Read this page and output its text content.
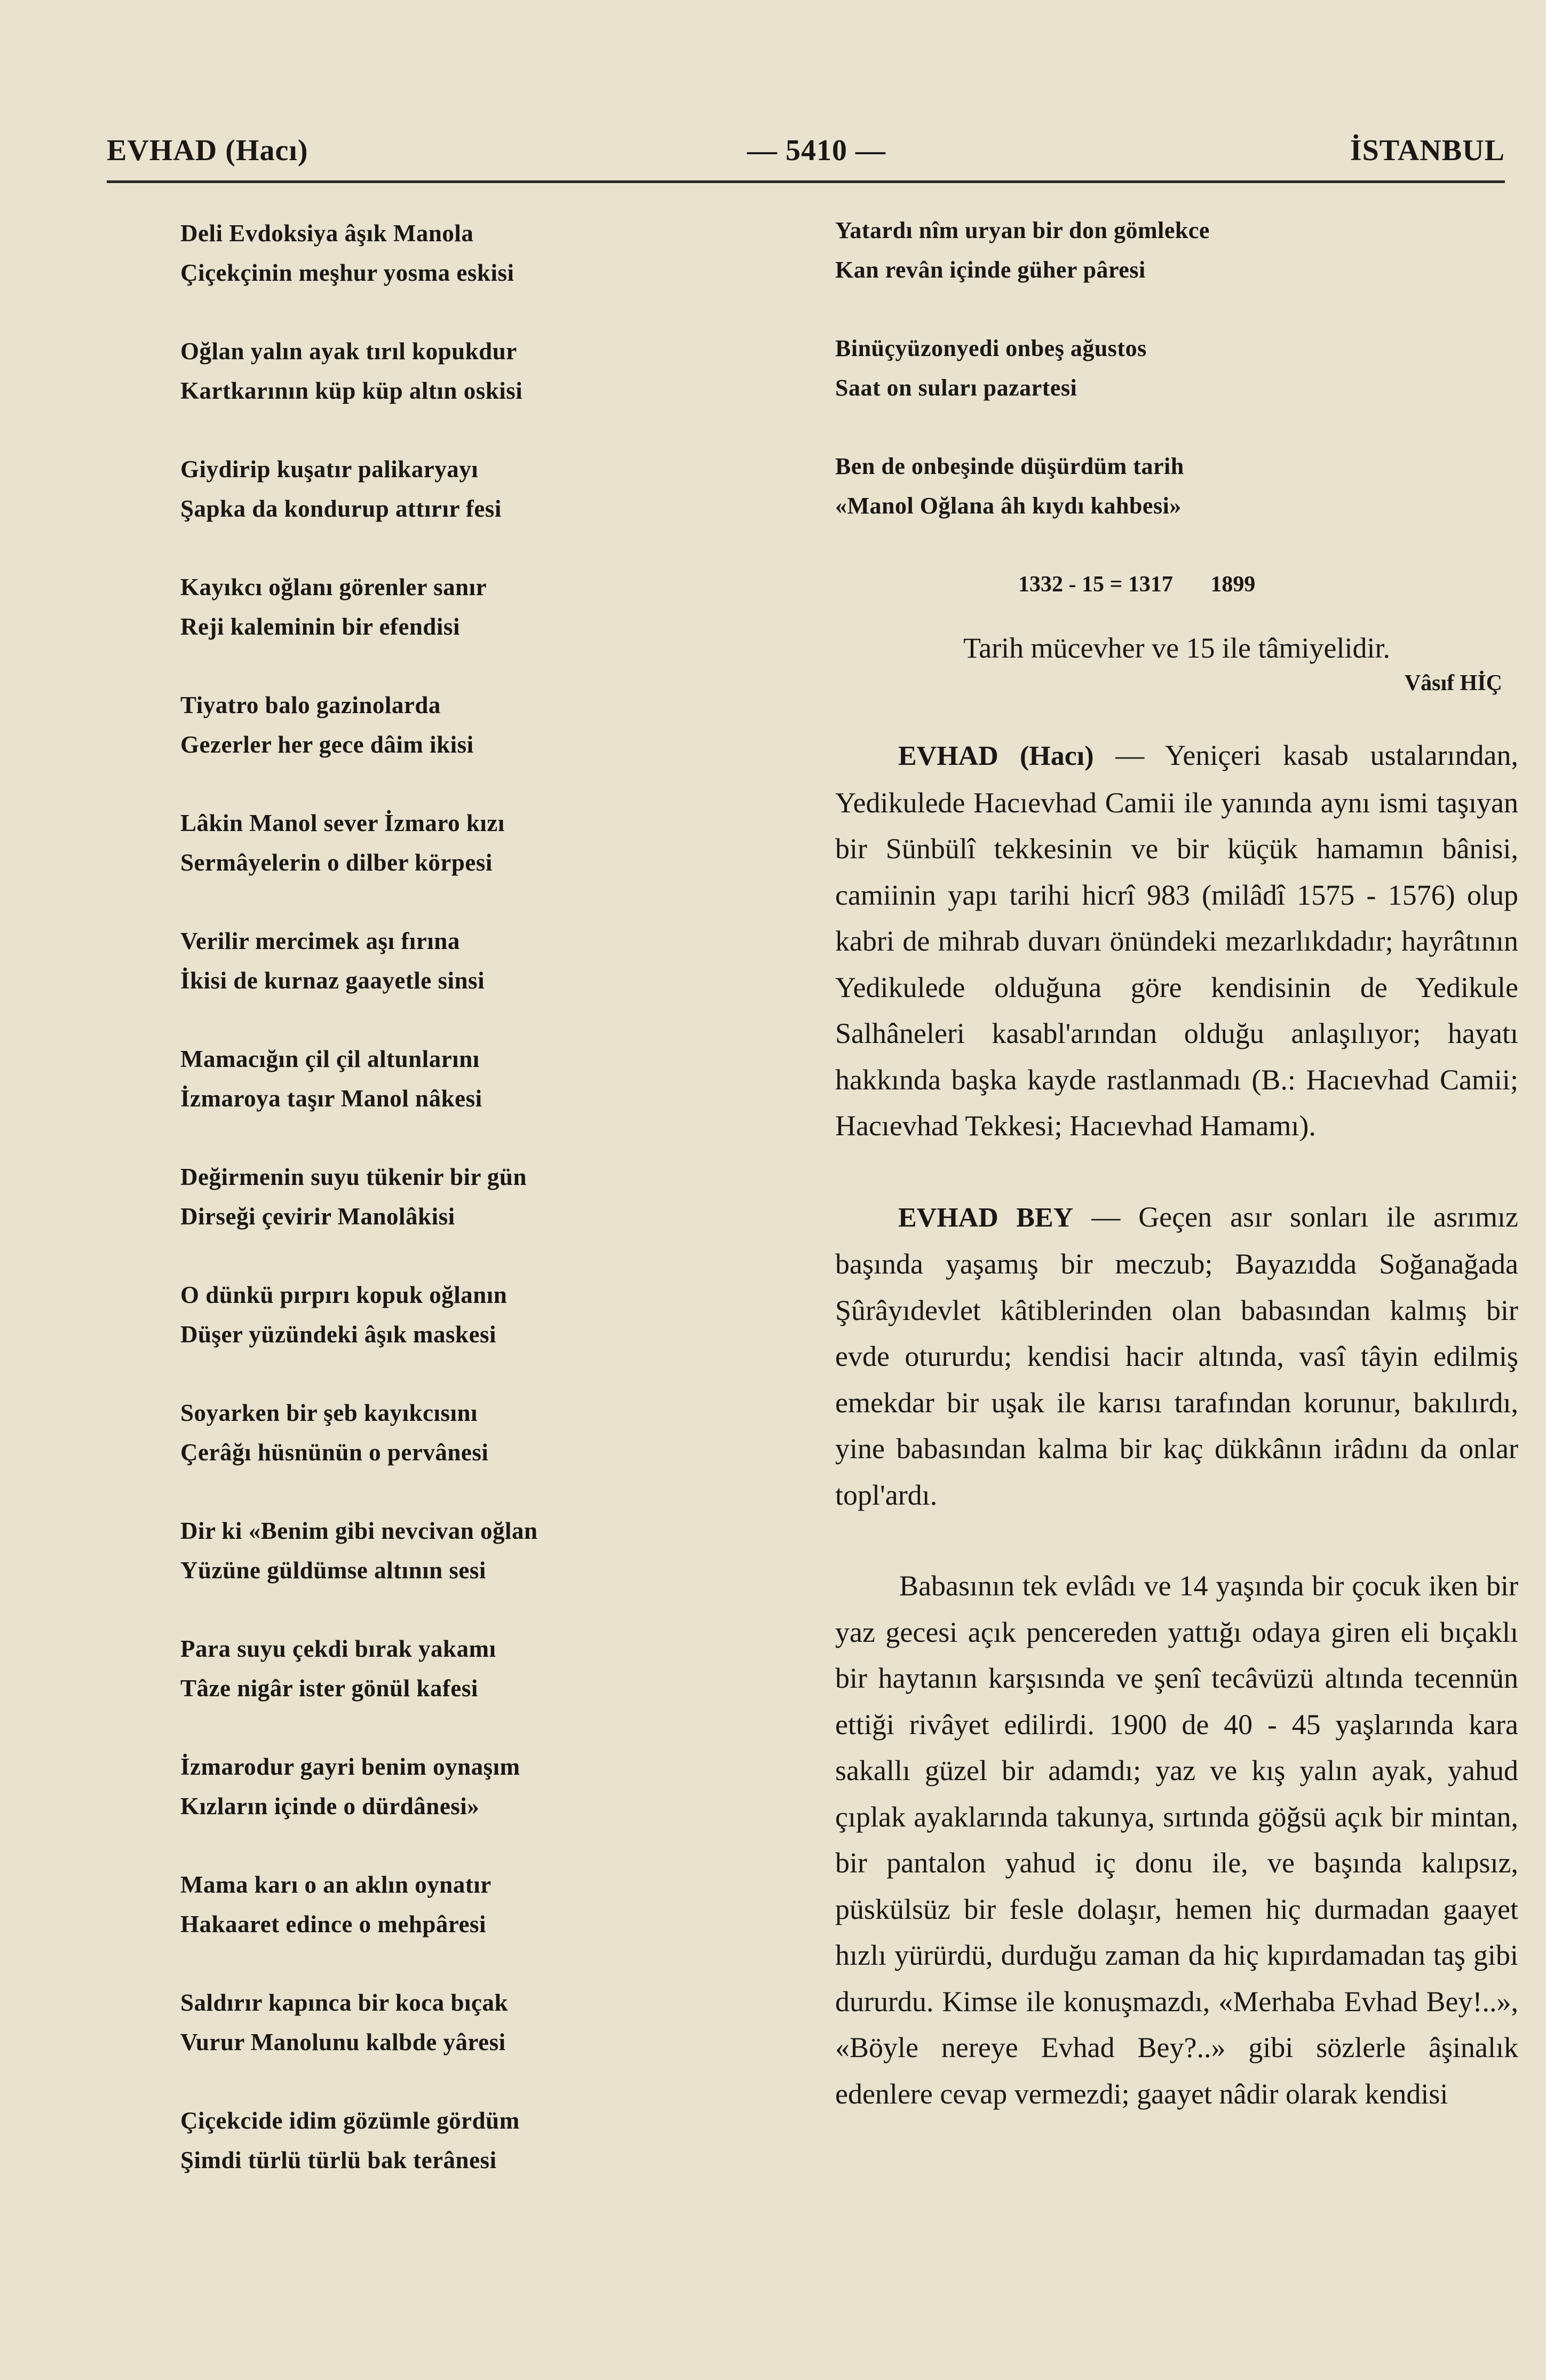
EVHAD (Hacı)	— 5410 —	İSTANBUL
Deli Evdoksiya âşık Manola
Çiçekçinin meşhur yosma eskisi
Oğlan yalın ayak tırıl kopukdur
Kartkarının küp küp altın oskisi
Giydirip kuşatır palikaryayı
Şapka da kondurup attırır fesi
Kayıkcı oğlanı görenler sanır
Reji kaleminin bir efendisi
Tiyatro balo gazinolarda
Gezerler her gece dâim ikisi
Lâkin Manol sever İzmaro kızı
Sermâyelerin o dilber körpesi
Verilir mercimek aşı fırına
İkisi de kurnaz gaayetle sinsi
Mamacığın çil çil altunlarını
İzmaroya taşır Manol nâkesi
Değirmenin suyu tükenir bir gün
Dirseği çevirir Manolâkisi
O dünkü pırpırı kopuk oğlanın
Düşer yüzündeki âşık maskesi
Soyarken bir şeb kayıkcısını
Çerâğı hüsnünün o pervânesi
Dir ki «Benim gibi nevcivan oğlan
Yüzüne güldümse altının sesi
Para suyu çekdi bırak yakamı
Tâze nigâr ister gönül kafesi
İzmarodur gayri benim oynaşım
Kızların içinde o dürdânesi»
Mama karı o an aklın oynatır
Hakaaret edince o mehpâresi
Saldırır kapınca bir koca bıçak
Vurur Manolunu kalbde yâresi
Çiçekcide idim gözümle gördüm
Şimdi türlü türlü bak terânesi
Yatardı nîm uryan bir don gömlekce
Kan revân içinde güher pâresi
Binüçyüzonyedi onbeş ağustos
Saat on suları pazartesi
Ben de onbeşinde düşürdüm tarih
«Manol Oğlana âh kıydı kahbesi»
1332 - 15 = 1317 1899
Tarih mücevher ve 15 ile tâmiyelidir.
Vâsıf HİÇ

EVHAD (Hacı) — Yeniçeri kasab ustalarından, Yedikulede Hacıevhad Camii ile yanında aynı ismi taşıyan bir Sünbülî tekkesinin ve bir küçük hamamın bânisi, camiinin yapı tarihi hicrî 983 (milâdî 1575 - 1576) olup kabri de mihrab duvarı önündeki mezarlıkdadır; hayrâtının Yedikulede olduğuna göre kendisinin de Yedikule Salhâneleri kasabl'arından olduğu anlaşılıyor; hayatı hakkında başka kayde rastlanmadı (B.: Hacıevhad Camii; Hacıevhad Tekkesi; Hacıevhad Hamamı).

EVHAD BEY — Geçen asır sonları ile asrımız başında yaşamış bir meczub; Bayazıdda Soğanağada Şûrâyıdevlet kâtiblerinden olan babasından kalmış bir evde otururdu; kendisi hacir altında, vasî tâyin edilmiş emekdar bir uşak ile karısı tarafından korunur, bakılırdı, yine babasından kalma bir kaç dükkânın irâdını da onlar topl'ardı.

Babasının tek evlâdı ve 14 yaşında bir çocuk iken bir yaz gecesi açık pencereden yattığı odaya giren eli bıçaklı bir haytanın karşısında ve şenî tecâvüzü altında tecennün ettiği rivâyet edilirdi. 1900 de 40 - 45 yaşlarında kara sakallı güzel bir adamdı; yaz ve kış yalın ayak, yahud çıplak ayaklarında takunya, sırtında göğsü açık bir mintan, bir pantalon yahud iç donu ile, ve başında kalıpsız, püskülsüz bir fesle dolaşır, hemen hiç durmadan gaayet hızlı yürürdü, durduğu zaman da hiç kıpırdamadan taş gibi dururdu. Kimse ile konuşmazdı, «Merhaba Evhad Bey!..», «Böyle nereye Evhad Bey?..» gibi sözlerle âşinalık edenlere cevap vermezdi; gaayet nâdir olarak kendisi
